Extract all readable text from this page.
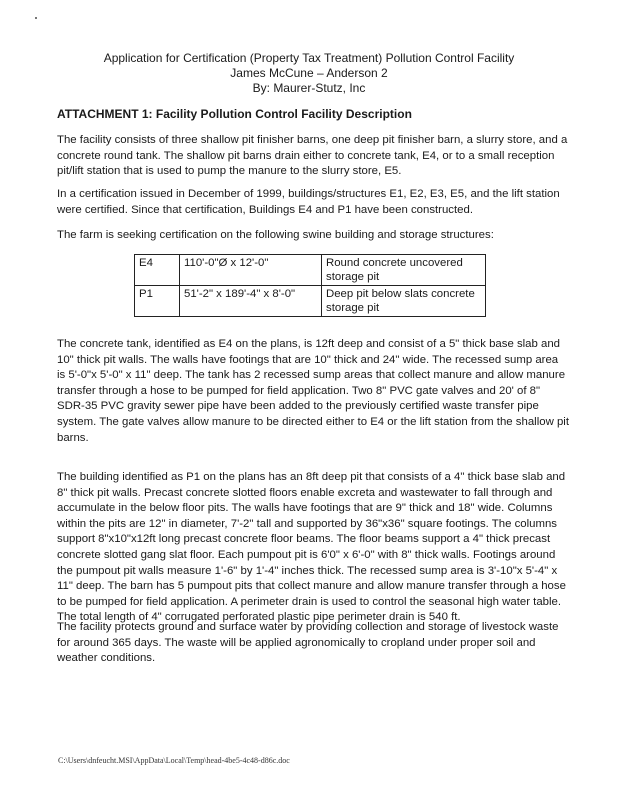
Application for Certification (Property Tax Treatment) Pollution Control Facility
James McCune – Anderson 2
By: Maurer-Stutz, Inc
ATTACHMENT 1: Facility Pollution Control Facility Description

The facility consists of three shallow pit finisher barns, one deep pit finisher barn, a slurry store, and a concrete round tank. The shallow pit barns drain either to concrete tank, E4, or to a small reception pit/lift station that is used to pump the manure to the slurry store, E5.

In a certification issued in December of 1999, buildings/structures E1, E2, E3, E5, and the lift station were certified. Since that certification, Buildings E4 and P1 have been constructed.

The farm is seeking certification on the following swine building and storage structures:

E4	110'-0"Ø x 12'-0"	Round concrete uncovered storage pit
P1	51'-2" x 189'-4" x 8'-0"	Deep pit below slats concrete storage pit

The concrete tank, identified as E4 on the plans, is 12ft deep and consist of a 5" thick base slab and 10" thick pit walls. The walls have footings that are 10" thick and 24" wide. The recessed sump area is 5'-0"x 5'-0" x 11" deep. The tank has 2 recessed sump areas that collect manure and allow manure transfer through a hose to be pumped for field application. Two 8" PVC gate valves and 20' of 8" SDR-35 PVC gravity sewer pipe have been added to the previously certified waste transfer pipe system. The gate valves allow manure to be directed either to E4 or the lift station from the shallow pit barns.

The building identified as P1 on the plans has an 8ft deep pit that consists of a 4" thick base slab and 8" thick pit walls. Precast concrete slotted floors enable excreta and wastewater to fall through and accumulate in the below floor pits. The walls have footings that are 9" thick and 18" wide. Columns within the pits are 12" in diameter, 7'-2" tall and supported by 36"x36" square footings. The columns support 8"x10"x12ft long precast concrete floor beams. The floor beams support a 4" thick precast concrete slotted gang slat floor. Each pumpout pit is 6'0" x 6'-0" with 8" thick walls. Footings around the pumpout pit walls measure 1'-6" by 1'-4" inches thick. The recessed sump area is 3'-10"x 5'-4" x 11" deep. The barn has 5 pumpout pits that collect manure and allow manure transfer through a hose to be pumped for field application. A perimeter drain is used to control the seasonal high water table. The total length of 4" corrugated perforated plastic pipe perimeter drain is 540 ft.

The facility protects ground and surface water by providing collection and storage of livestock waste for around 365 days. The waste will be applied agronomically to cropland under proper soil and weather conditions.

C:\Users\dnfeucht.MSI\AppData\Local\Temp\head-4be5-4c48-d86c.doc
